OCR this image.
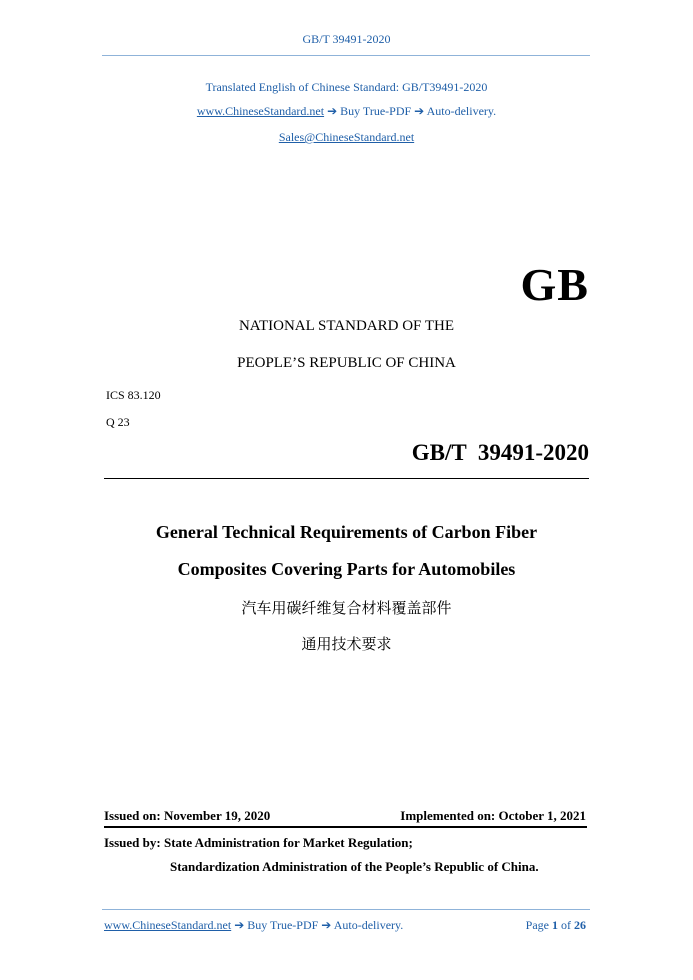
GB/T 39491-2020
Translated English of Chinese Standard: GB/T39491-2020
www.ChineseStandard.net ➔ Buy True-PDF ➔ Auto-delivery.
Sales@ChineseStandard.net
GB
NATIONAL STANDARD OF THE
PEOPLE’S REPUBLIC OF CHINA
ICS 83.120
Q 23
GB/T  39491-2020
General Technical Requirements of Carbon Fiber
Composites Covering Parts for Automobiles
汽车用碳纤维复合材料覆盖部件
通用技术要求
Issued on: November 19, 2020	Implemented on: October 1, 2021
Issued by: State Administration for Market Regulation;
Standardization Administration of the People’s Republic of China.
www.ChineseStandard.net ➔ Buy True-PDF ➔ Auto-delivery.	Page 1 of 26
